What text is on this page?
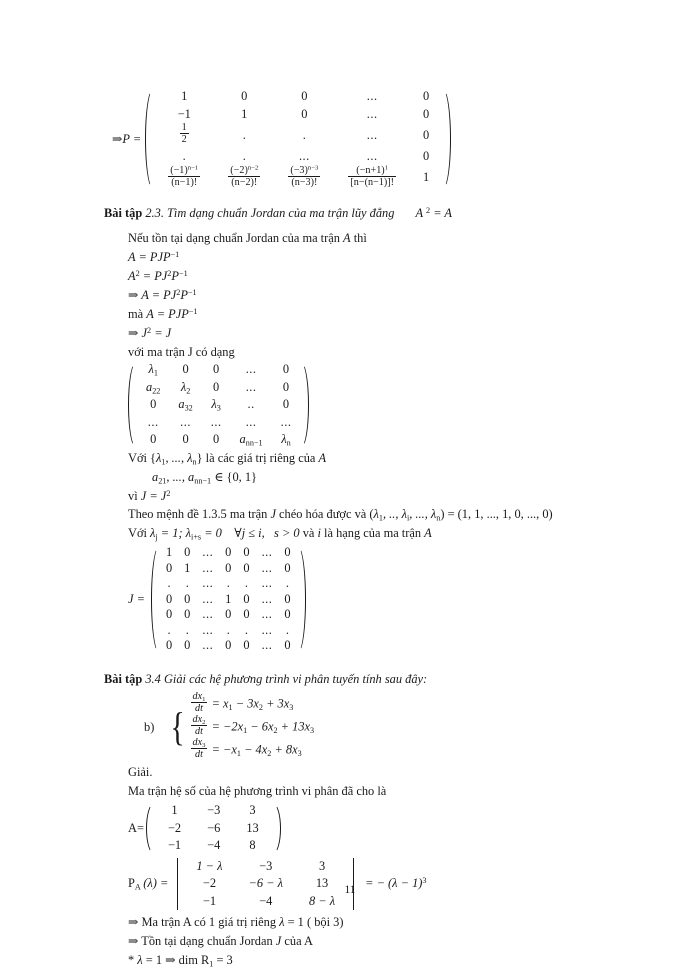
⇒P =
1	0	0	...	0
−1	1	0	...	0

$\frac{1}{2}$	.	.	...	0
.	.	...	...	0

$\frac{(-1)^{n-1}}{(n-1)!}$	$\frac{(-2)^{n-2}}{(n-2)!}$	$\frac{(-3)^{n-3}}{(n-3)!}$	$\frac{(-n+1)^1}{[n-(n-1)]!}$	1
Bài tập 2.3. Tìm dạng chuẩn Jordan của ma trận lũy đẳng A $^2$ = A
Nếu tồn tại dạng chuẩn Jordan của ma trận A thì
$A = PJP^{-1}$
$A^2 = PJ^2P^{-1}$
⇒ $A = PJ^2P^{-1}$
mà $A = PJP^{-1}$
⇒ $J^2 = J$
với ma trận J có dạng
$\lambda_1$	0	0	...	0
$a_{22}$	$\lambda_2$	0	...	0
0	$a_{32}$	$\lambda_3$	..	0
...	...	...	...	...
0	0	0	$a_{nn-1}$	$\lambda_n$
Với {$\lambda_1$, ..., $\lambda_n$} là các giá trị riêng của A
$a_{21}$, ..., $a_{nn-1}$ ∈ {0, 1}
vì $J = J^2$
Theo mệnh đề 1.3.5 ma trận J chéo hóa được và ($\lambda_1$, .., $\lambda_i$, ..., $\lambda_n) = (1$, 1, ..., 1, 0, ..., 0)
Với $\lambda_j = 1$; $\lambda_{i+s} = 0$ ∀j ≤ i, s > 0 và i là hạng của ma trận A
J =
1	0	...	0	0	...	0
0	1	...	0	0	...	0
.	.	...	.	.	...	.
0	0	...	1	0	...	0
0	0	...	0	0	...	0
.	.	...	.	.	...	.
0	0	...	0	0	...	0
Bài tập 3.4 Giải các hệ phương trình vi phân tuyến tính sau đây:
b) {
$\frac{dx_1}{dt} = x_1 - 3x_2 + 3x_3$
$\frac{dx_2}{dt} = -2x_1 - 6x_2 + 13x_3$
$\frac{dx_3}{dt} = -x_1 - 4x_2 + 8x_3$
Giải.
Ma trận hệ số của hệ phương trình vi phân đã cho là
A=
1	−3	3
−2	−6	13
−1	−4	8
$P_A$  (λ) =
1 − λ	−3	3
−2	−6 − λ	13
−1	−4	8 − λ
= − $(\lambda - 1)^3$
⇒ Ma trận A có 1 giá trị riêng λ = 1 ( bội 3)
⇒ Tồn tại dạng chuẩn Jordan J của A
* λ = 1 ⇒ dim $R_1 = 3$
11
